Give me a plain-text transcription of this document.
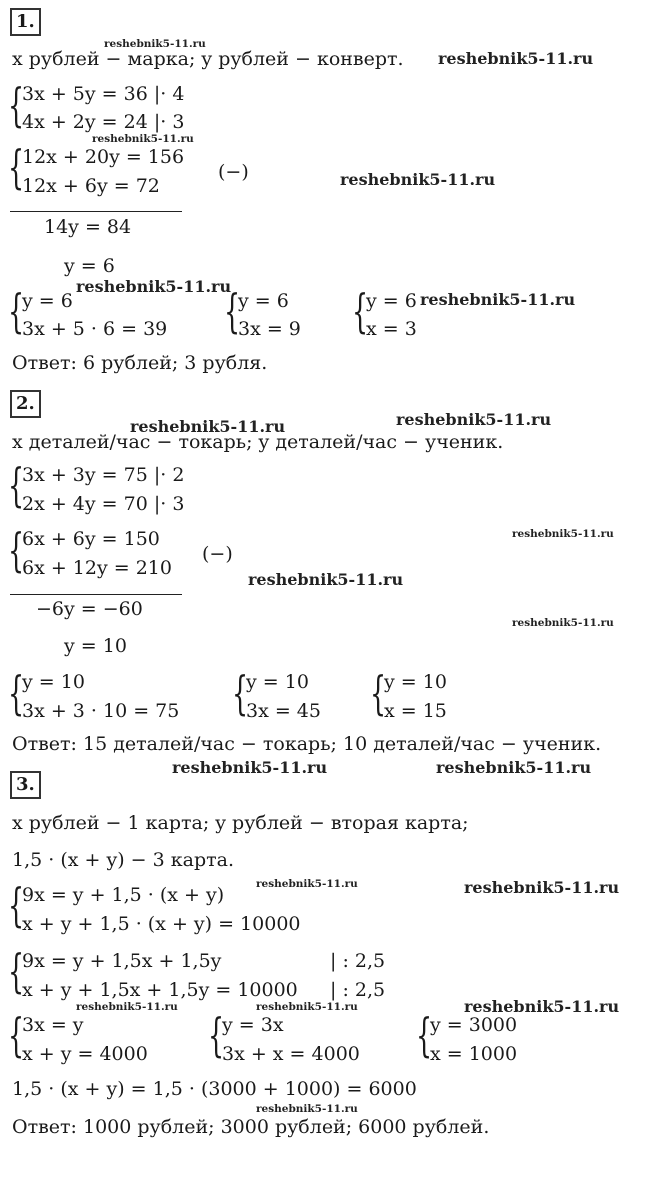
1.
x рублей − марка; y рублей − конверт.
{
3x + 5y = 36 |· 4
4x + 2y = 24 |· 3
{
12x + 20y = 156
12x + 6y = 72
(−)
14y = 84
y = 6
{
y = 6
3x + 5 · 6 = 39 {
y = 6
3x = 9 {
y = 6
x = 3
Ответ: 6 рублей; 3 рубля.
2.
x деталей/час − токарь; y деталей/час − ученик.
{
3x + 3y = 75 |· 2
2x + 4y = 70 |· 3
{
6x + 6y = 150
6x + 12y = 210
(−)
−6y = −60
y = 10
{
y = 10
3x + 3 · 10 = 75 {
y = 10
3x = 45 {
y = 10
x = 15
Ответ: 15 деталей/час − токарь; 10 деталей/час − ученик.
3.
x рублей − 1 карта; y рублей − вторая карта;
1,5 · (x + y) − 3 карта.
{
9x = y + 1,5 · (x + y)
x + y + 1,5 · (x + y) = 10000
{
9x = y + 1,5x + 1,5y
x + y + 1,5x + 1,5y = 10000
| : 2,5
| : 2,5
{
3x = y
x + y = 4000 {
y = 3x
3x + x = 4000 {
y = 3000
x = 1000
1,5 · (x + y) = 1,5 · (3000 + 1000) = 6000
Ответ: 1000 рублей; 3000 рублей; 6000 рублей.
reshebnik5-11.ru
reshebnik5-11.ru
reshebnik5-11.ru
reshebnik5-11.ru
reshebnik5-11.ru
reshebnik5-11.ru
reshebnik5-11.ru	reshebnik5-11.ru
reshebnik5-11.ru
reshebnik5-11.ru
reshebnik5-11.ru
reshebnik5-11.ru	reshebnik5-11.ru
reshebnik5-11.ru	reshebnik5-11.ru
reshebnik5-11.ru	reshebnik5-11.ru	reshebnik5-11.ru
reshebnik5-11.ru
